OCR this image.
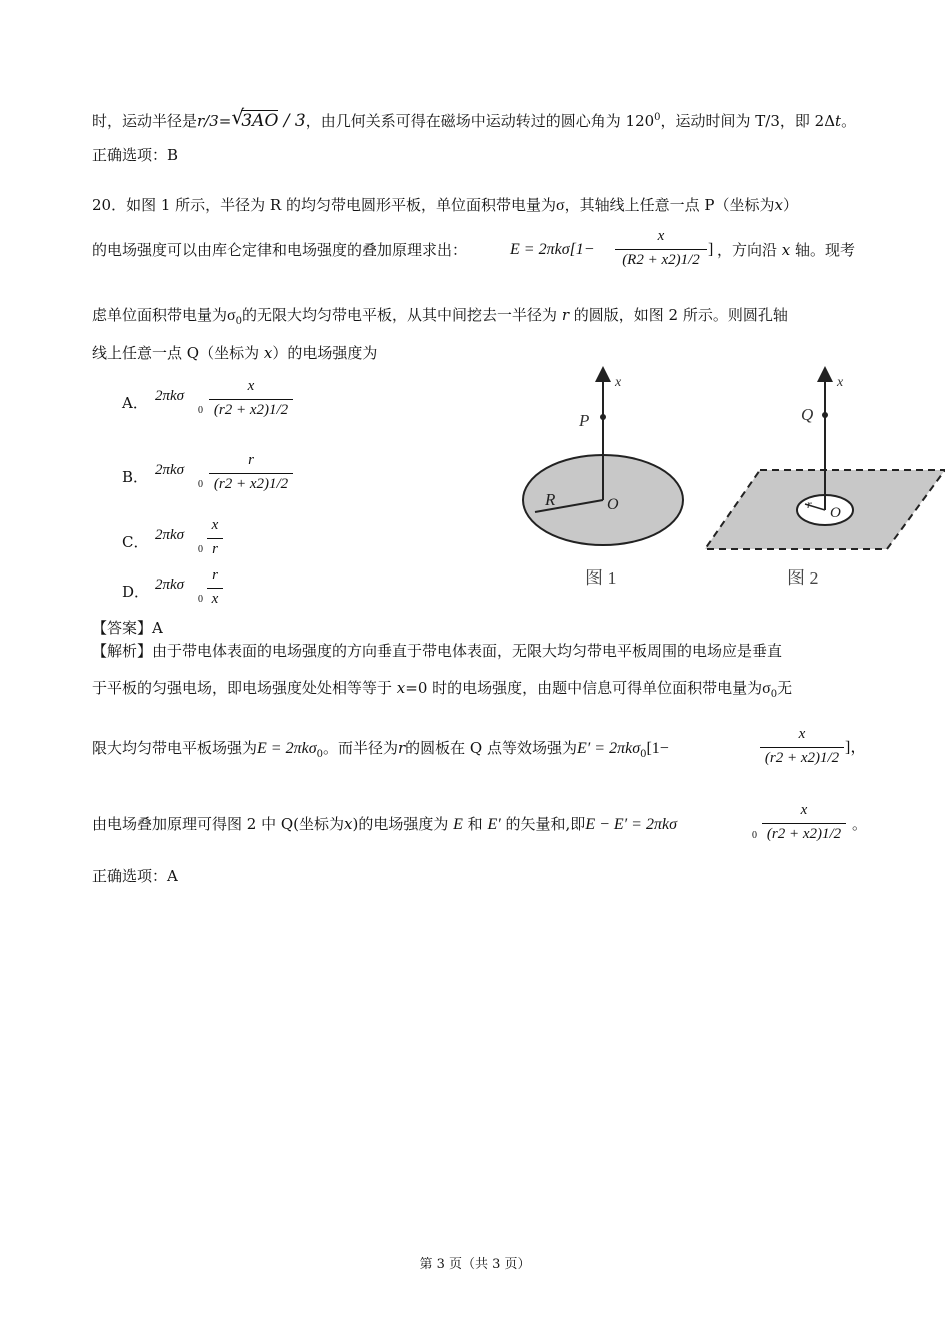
时，运动半径是r/3= √
3AO / 3，由几何关系可得在磁场中运动转过的圆心角为 $120^0$，运动时间为 T/3，即 2Δt。
正确选项：B
20．如图 1 所示，半径为 R 的均匀带电圆形平板，单位面积带电量为σ，其轴线上任意一点 P（坐标为x）
的电场强度可以由库仑定律和电场强度的叠加原理求出：	E = 2πkσ[1−
x
(R2 + x2)1/2
] ，方向沿 x 轴。现考
虑单位面积带电量为$\sigma_0$的无限大均匀带电平板，从其中间挖去一半径为 r 的圆版，如图 2 所示。则圆孔轴
线上任意一点 Q（坐标为 x）的电场强度为
A． 2πkσ
0
x
(r2 + x2)1/2
B． 2πkσ
0
r
(r2 + x2)1/2
C． 2πkσ
0
x
r
D． 2πkσ
0
r
x
x
P
R	O
图 1
x
Q
r
O
图 2
【答案】A
【解析】由于带电体表面的电场强度的方向垂直于带电体表面，无限大均匀带电平板周围的电场应是垂直
于平板的匀强电场，即电场强度处处相等等于 x=0 时的电场强度，由题中信息可得单位面积带电量为$\sigma_0$无
限大均匀带电平板场强为E = 2πkσ$_0$。而半径为r的圆板在 Q 点等效场强为E′ = 2πkσ$_0$[1−
x
(r2 + x2)1/2
]，
由电场叠加原理可得图 2 中 Q(坐标为x)的电场强度为 E 和 E′ 的矢量和,即E − E′ = 2πkσ
0
x
(r2 + x2)1/2
。
正确选项：A
第 3 页（共 3 页）
